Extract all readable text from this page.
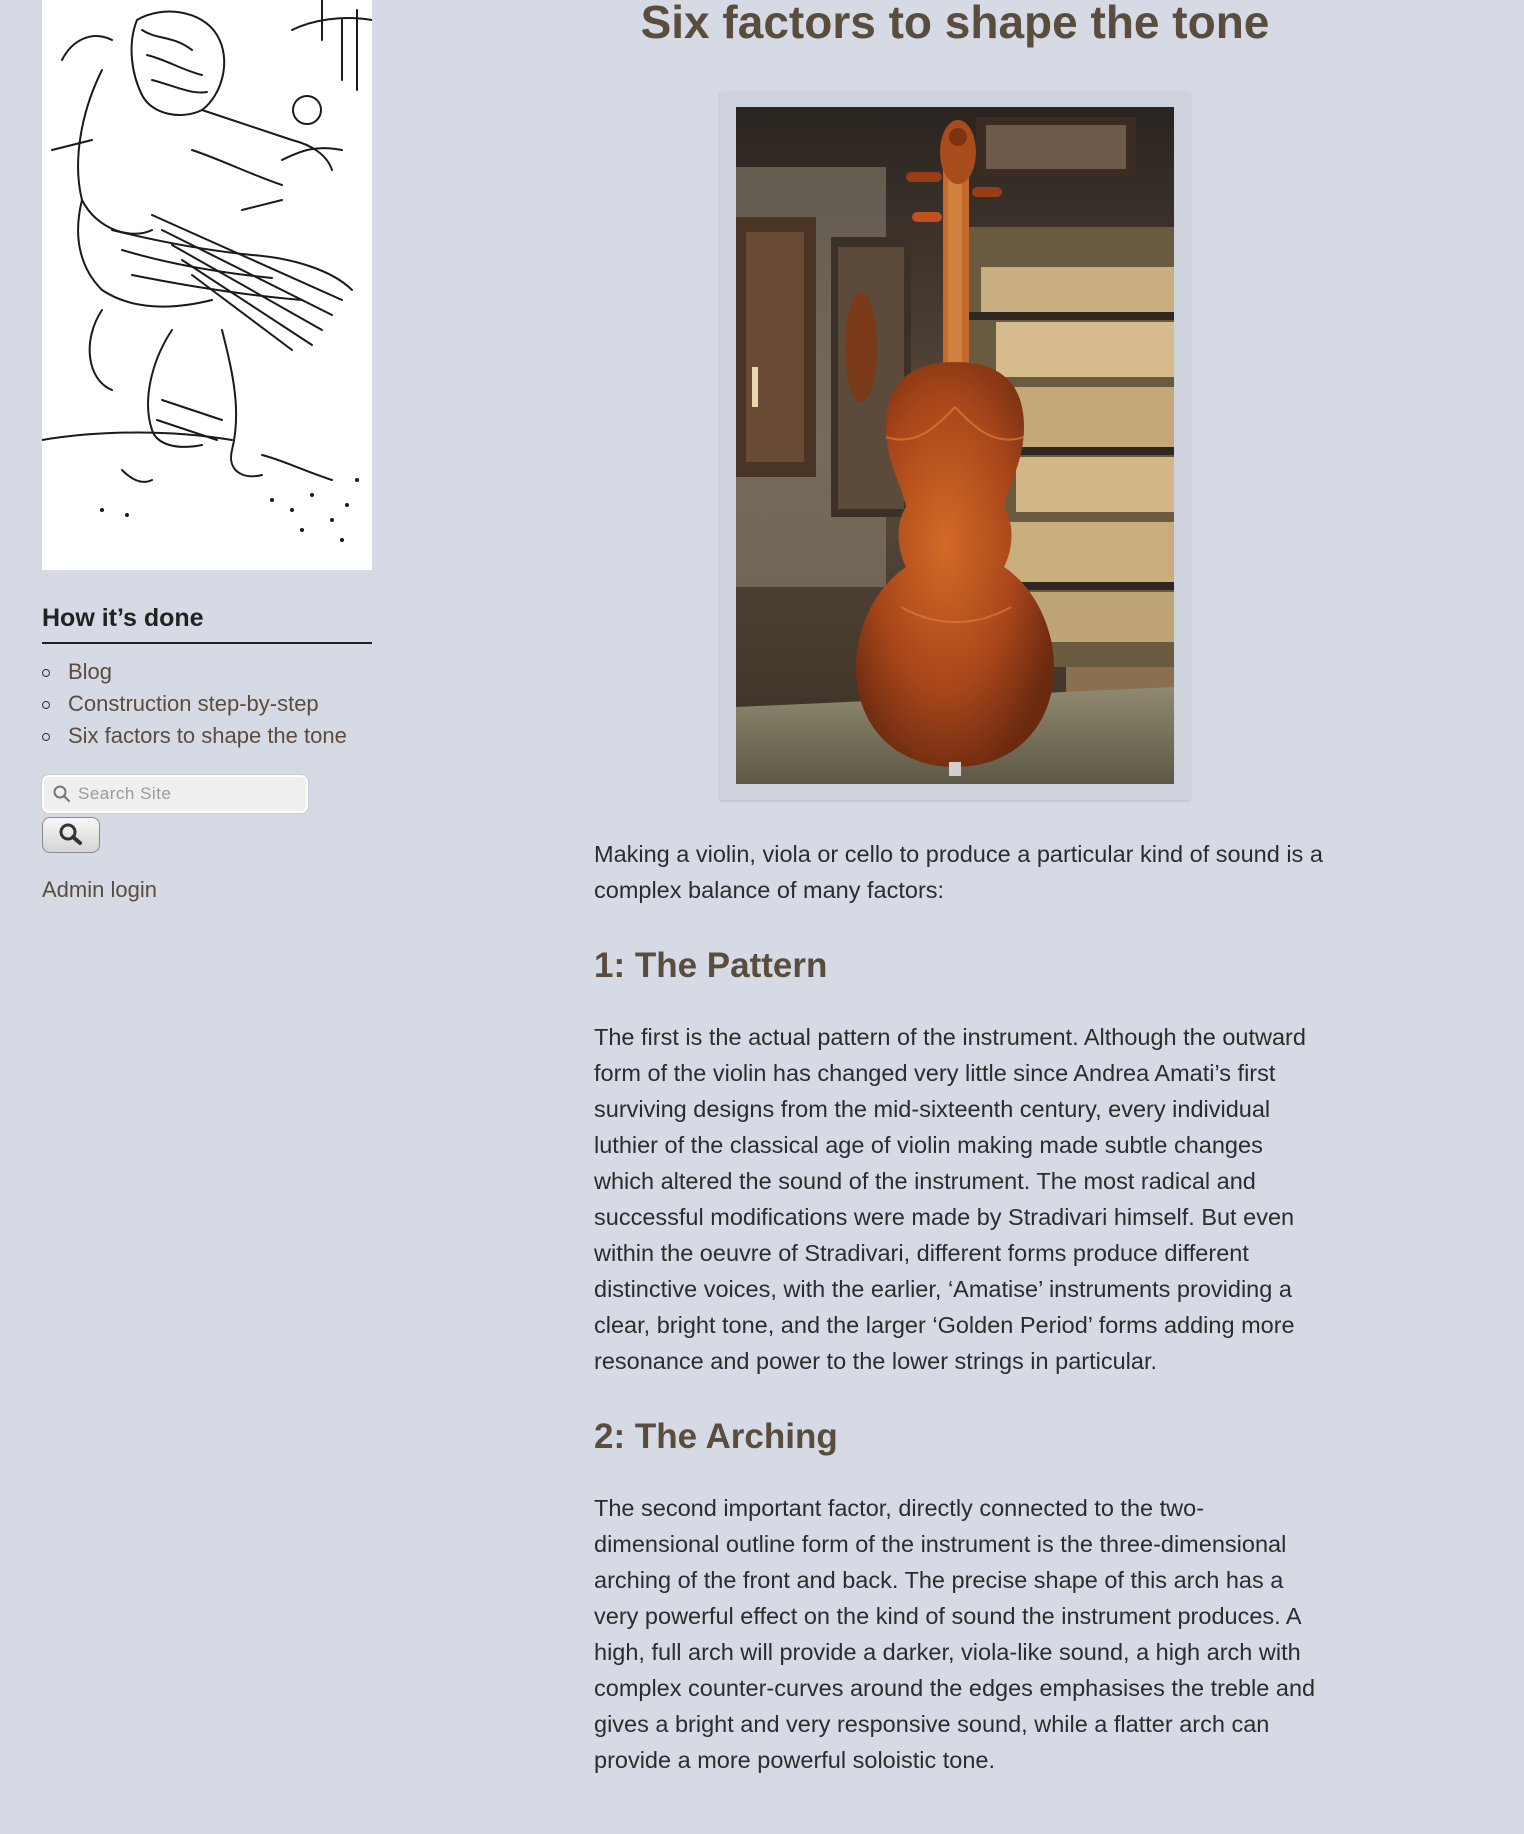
How it’s done
Blog
Construction step-by-step
Six factors to shape the tone
Search Site
Admin login
Six factors to shape the tone

Making a violin, viola or cello to produce a particular kind of sound is a complex balance of many factors:

1: The Pattern

The first is the actual pattern of the instrument. Although the outward form of the violin has changed very little since Andrea Amati’s first surviving designs from the mid-sixteenth century, every individual luthier of the classical age of violin making made subtle changes which altered the sound of the instrument. The most radical and successful modifications were made by Stradivari himself. But even within the oeuvre of Stradivari, different forms produce different distinctive voices, with the earlier, ‘Amatise’ instruments providing a clear, bright tone, and the larger ‘Golden Period’ forms adding more resonance and power to the lower strings in particular.

2: The Arching

The second important factor, directly connected to the two-dimensional outline form of the instrument is the three-dimensional arching of the front and back. The precise shape of this arch has a very powerful effect on the kind of sound the instrument produces. A high, full arch will provide a darker, viola-like sound, a high arch with complex counter-curves around the edges emphasises the treble and gives a bright and very responsive sound, while a flatter arch can provide a more powerful soloistic tone.
